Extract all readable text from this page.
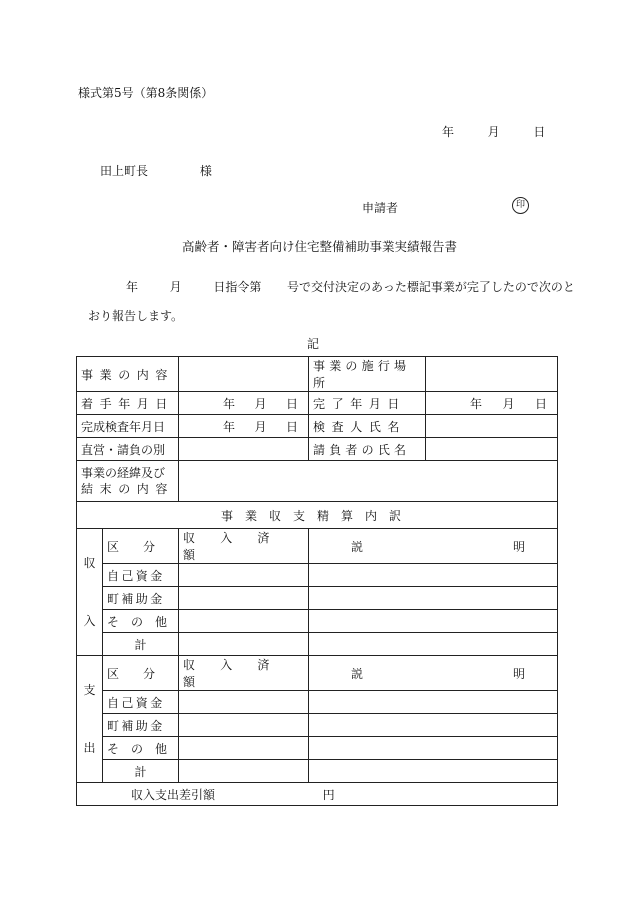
様式第5号（第8条関係）
年	月	日
田上町長	様
申請者	印
高齢者・障害者向け住宅整備補助事業実績報告書
年	月	日指令第 号で交付決定のあった標記事業が完了したので次のと
おり報告します。
記
事業の内容			事業の施行場所	
着手年月日		年 月 日	完了年月日	年 月 日

完成検査年月日		年 月 日	検査人氏名	
直営・請負の別			請負者の氏名	

事業の経緯及び
結末の内容				

事業収支精算内訳				

収
入	区　　分	収　入　済　額	説 明	
	自己資金			
	町補助金			
	そ　の　他			
	計			

支
出	区　　分	収　入　済　額	説 明	
	自己資金			
	町補助金			
	そ　の　他			
	計			
収入支出差引額 円				
